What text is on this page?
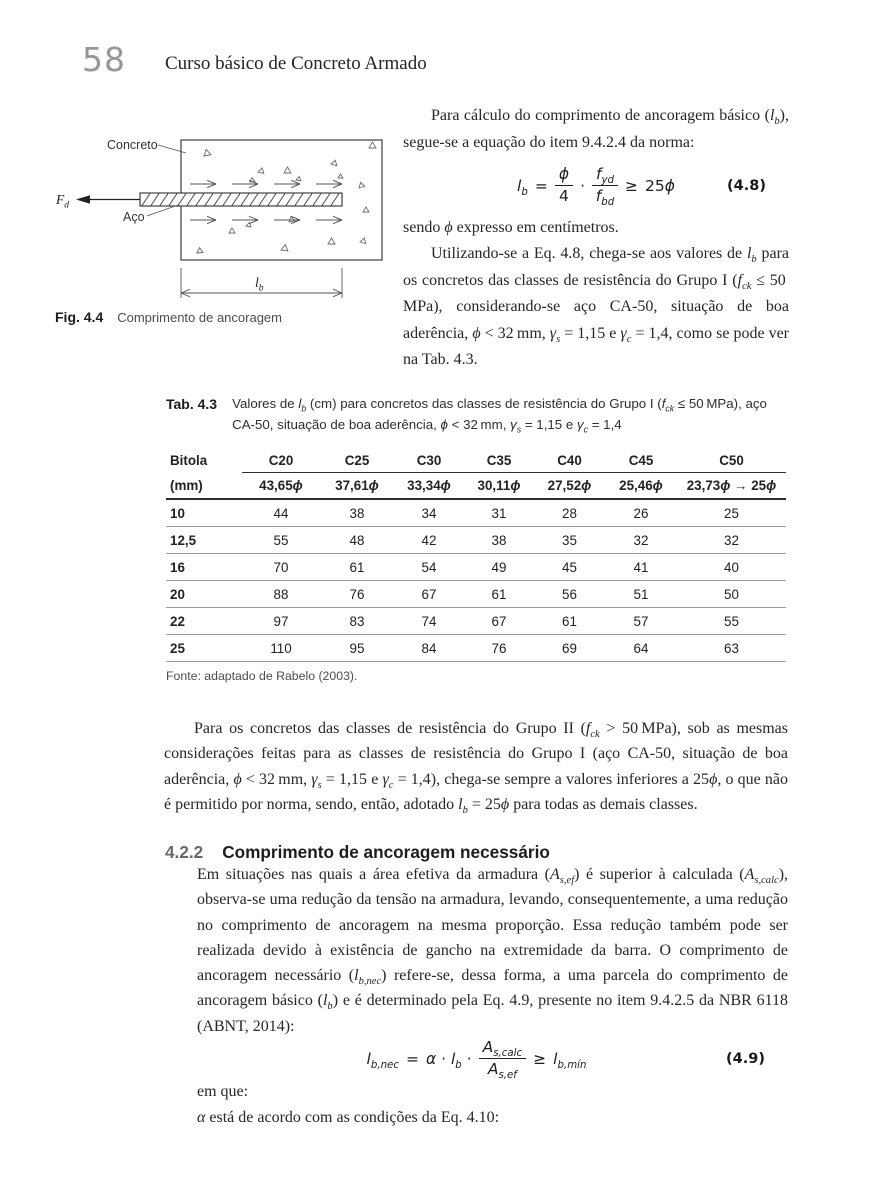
58 Curso básico de Concreto Armado
$F_d$
Concreto
Aço
$l_b$
Fig. 4.4 Comprimento de ancoragem

Para cálculo do comprimento de ancoragem básico $(l_b)$, segue-se a equação do item 9.4.2.4 da norma:

$l_b = \frac{\phi}{4} \cdot \frac{f_{yd}}{f_{bd}} \ge 25\phi$	(4.8)

sendo ϕ expresso em centímetros.

Utilizando-se a Eq. 4.8, chega-se aos valores de $l_b$ para os concretos das classes de resistência do Grupo I ($f_{ck} \le 50$ MPa), considerando-se aço CA-50, situação de boa aderência, ϕ < 32 mm, $\gamma_s = 1,15$ e $\gamma_c = 1,4$, como se pode ver na Tab. 4.3.

Tab. 4.3 Valores de $l_b$ (cm) para concretos das classes de resistência do Grupo I ($f_{ck} \le 50$ MPa), aço CA-50, situação de boa aderência, ϕ < 32 mm, $\gamma_s = 1,15$ e $\gamma_c = 1,4$
Bitola	C20	C25	C30	C35	C40	C45	C50
(mm)	43,65ϕ	37,61ϕ	33,34ϕ	30,11ϕ	27,52ϕ	25,46ϕ	23,73ϕ → 25ϕ
10	44	38	34	31	28	26	25
12,5	55	48	42	38	35	32	32
16	70	61	54	49	45	41	40
20	88	76	67	61	56	51	50
22	97	83	74	67	61	57	55
25	110	95	84	76	69	64	63
Fonte: adaptado de Rabelo (2003).

Para os concretos das classes de resistência do Grupo II ($f_{ck} > 50$ MPa), sob as mesmas considerações feitas para as classes de resistência do Grupo I (aço CA-50, situação de boa aderência, ϕ < 32 mm, $\gamma_s = 1,15$ e $\gamma_c = 1,4$), chega-se sempre a valores inferiores a 25ϕ, o que não é permitido por norma, sendo, então, adotado $l_b = 25\phi$ para todas as demais classes.

4.2.2 Comprimento de ancoragem necessário

Em situações nas quais a área efetiva da armadura $(A_{s,ef})$ é superior à calculada $(A_{s,calc})$, observa-se uma redução da tensão na armadura, levando, consequentemente, a uma redução no comprimento de ancoragem na mesma proporção. Essa redução também pode ser realizada devido à existência de gancho na extremidade da barra. O comprimento de ancoragem necessário $(l_{b,nec})$ refere-se, dessa forma, a uma parcela do comprimento de ancoragem básico $(l_b)$ e é determinado pela Eq. 4.9, presente no item 9.4.2.5 da NBR 6118 (ABNT, 2014):

$l_{b,nec} = \alpha \cdot l_b \cdot \frac{A_{s,calc}}{A_{s,ef}} \ge l_{b,mín}$	(4.9)
em que:
α está de acordo com as condições da Eq. 4.10:
